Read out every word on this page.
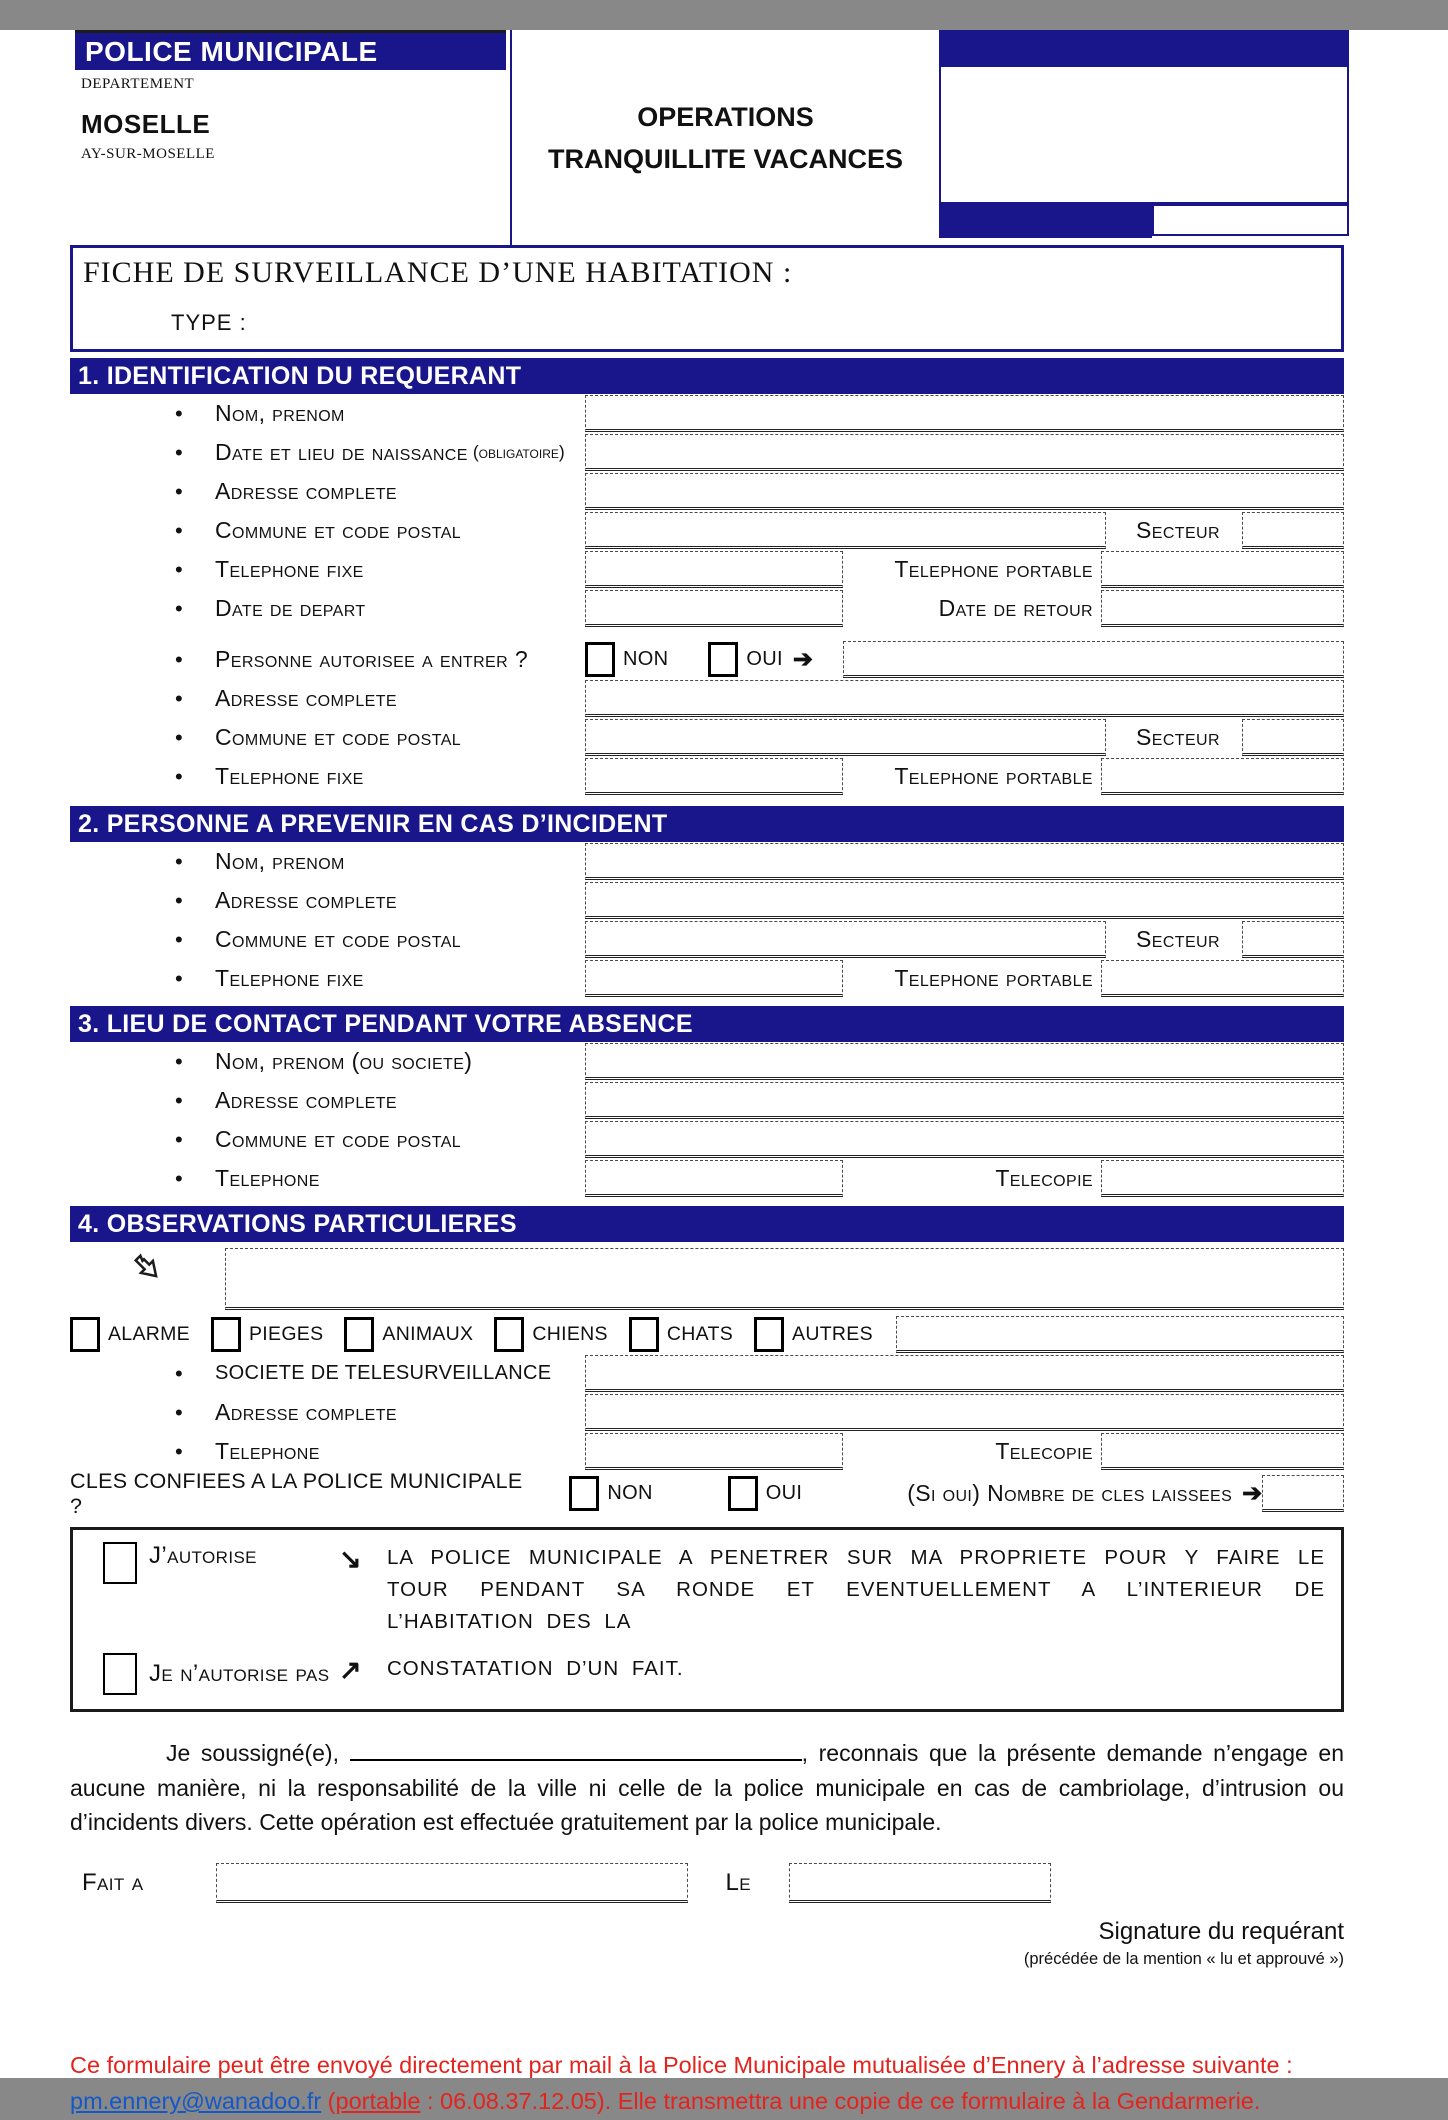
POLICE MUNICIPALE
DEPARTEMENT
MOSELLE
AY-SUR-MOSELLE
OPERATIONS
TRANQUILLITE VACANCES
FICHE DE SURVEILLANCE D’UNE HABITATION :
TYPE :
1. IDENTIFICATION DU REQUERANT
•	Nom, prenom
•	Date et lieu de naissance (obligatoire)
•	Adresse complete
•	Commune et code postal	Secteur
•	Telephone fixe	Telephone portable
•	Date de depart	Date de retour
•	Personne autorisee a entrer ?	NON	OUI ➔
•	Adresse complete
•	Commune et code postal	Secteur
•	Telephone fixe	Telephone portable
2. PERSONNE A PREVENIR EN CAS D’INCIDENT
•	Nom, prenom
•	Adresse complete
•	Commune et code postal	Secteur
•	Telephone fixe	Telephone portable
3. LIEU DE CONTACT PENDANT VOTRE ABSENCE
•	Nom, prenom (ou societe)
•	Adresse complete
•	Commune et code postal
•	Telephone	Telecopie
4. OBSERVATIONS PARTICULIERES
ALARME	PIEGES	ANIMAUX	CHIENS	CHATS	AUTRES
•	SOCIETE DE TELESURVEILLANCE
•	Adresse complete
•	Telephone	Telecopie
CLES CONFIEES A LA POLICE MUNICIPALE ?
NON	OUI	(Si oui) Nombre de cles laissees ➔
J’autorise	↘	LA POLICE MUNICIPALE A PENETRER SUR MA PROPRIETE POUR Y FAIRE LE TOUR PENDANT SA RONDE ET EVENTUELLEMENT A L’INTERIEUR DE L’HABITATION DES LA
Je n’autorise pas ↗	CONSTATATION D’UN FAIT.

Je soussigné(e),	, reconnais que la présente demande n’engage en aucune manière, ni la responsabilité de la ville ni celle de la police municipale en cas de cambriolage, d’intrusion ou d’incidents divers. Cette opération est effectuée gratuitement par la police municipale.

Fait a	Le
Signature du requérant
(précédée de la mention « lu et approuvé »)
Ce formulaire peut être envoyé directement par mail à la Police Municipale mutualisée d’Ennery à l’adresse suivante :
pm.ennery@wanadoo.fr (portable : 06.08.37.12.05). Elle transmettra une copie de ce formulaire à la Gendarmerie.
